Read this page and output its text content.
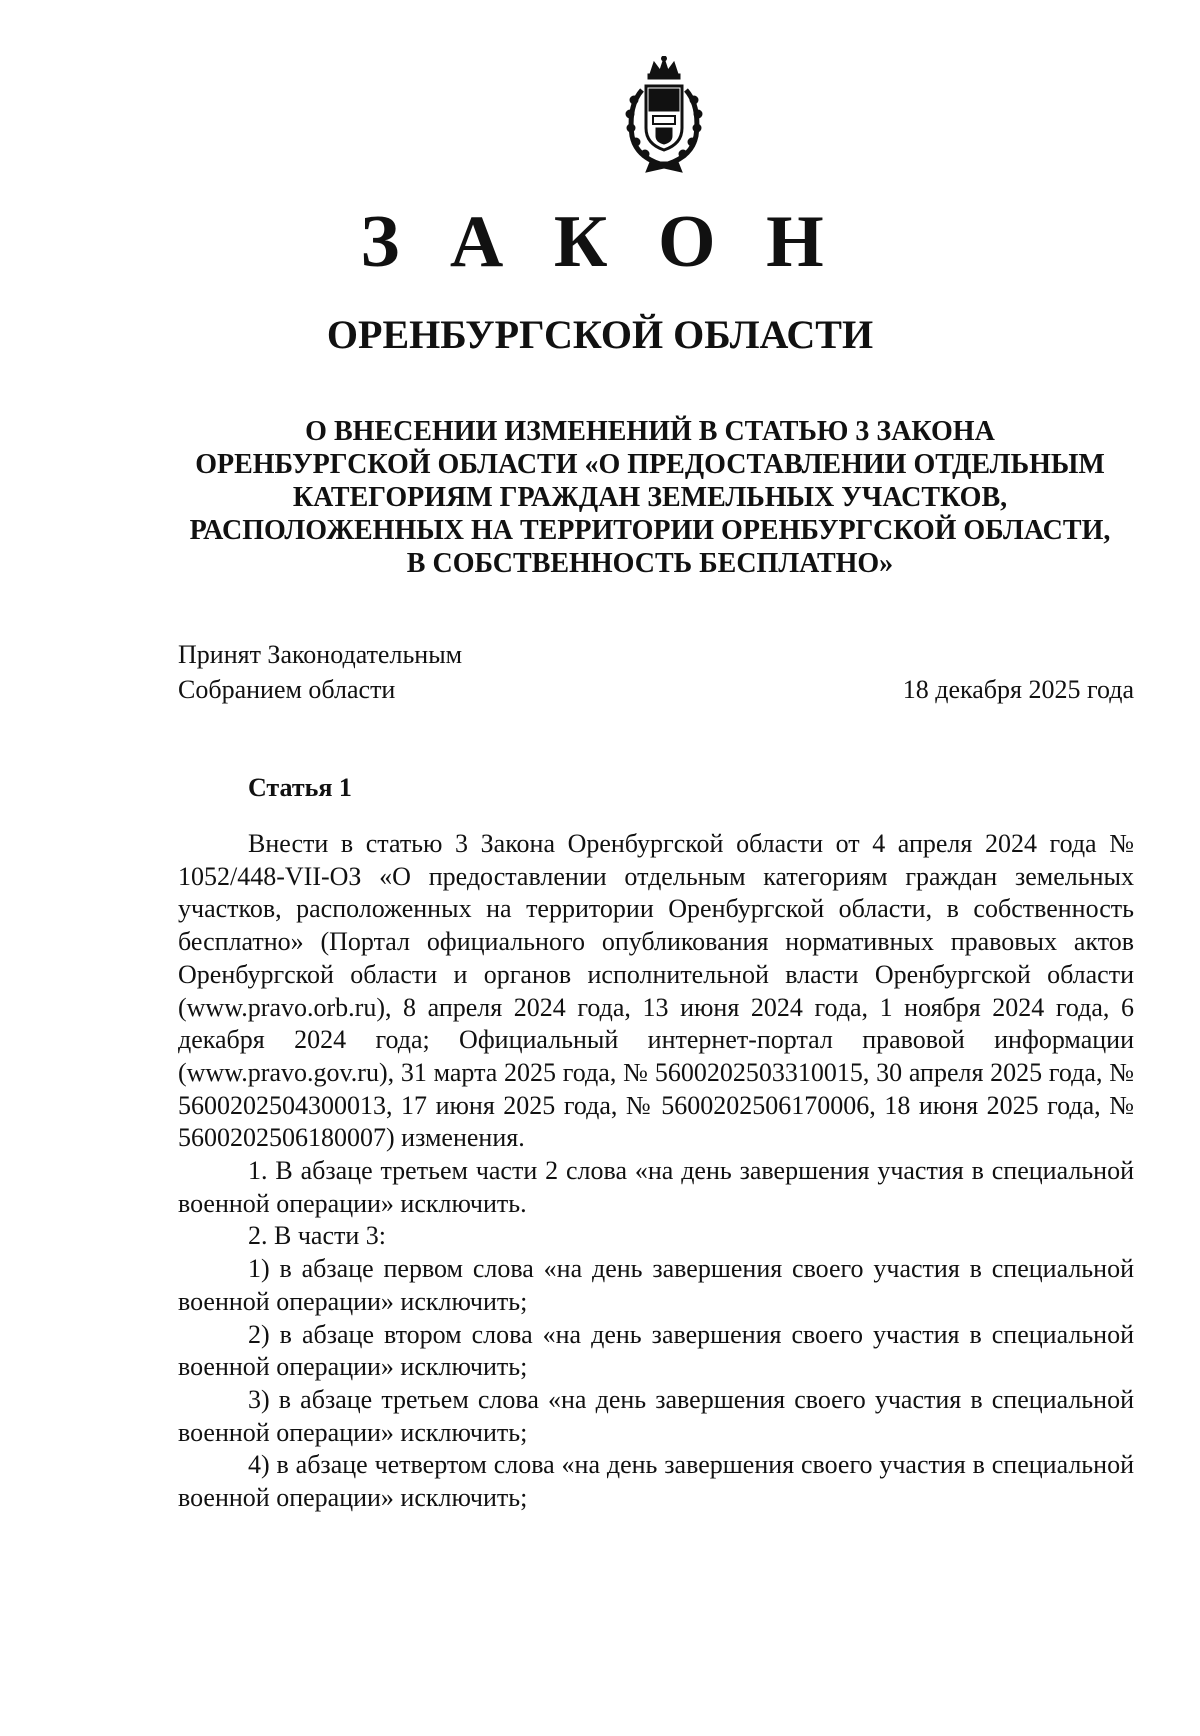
З А К О Н
ОРЕНБУРГСКОЙ ОБЛАСТИ
О ВНЕСЕНИИ ИЗМЕНЕНИЙ В СТАТЬЮ 3 ЗАКОНА
ОРЕНБУРГСКОЙ ОБЛАСТИ «О ПРЕДОСТАВЛЕНИИ ОТДЕЛЬНЫМ
КАТЕГОРИЯМ ГРАЖДАН ЗЕМЕЛЬНЫХ УЧАСТКОВ,
РАСПОЛОЖЕННЫХ НА ТЕРРИТОРИИ ОРЕНБУРГСКОЙ ОБЛАСТИ,
В СОБСТВЕННОСТЬ БЕСПЛАТНО»
Принят Законодательным
Собранием области	18 декабря 2025 года
Статья 1

Внести в статью 3 Закона Оренбургской области от 4 апреля 2024 года № 1052/448-VII-ОЗ «О предоставлении отдельным категориям граждан земельных участков, расположенных на территории Оренбургской области, в собственность бесплатно» (Портал официального опубликования нормативных правовых актов Оренбургской области и органов исполнительной власти Оренбургской области (www.pravo.orb.ru), 8 апреля 2024 года, 13 июня 2024 года, 1 ноября 2024 года, 6 декабря 2024 года; Официальный интернет-портал правовой информации (www.pravo.gov.ru), 31 марта 2025 года, № 5600202503310015, 30 апреля 2025 года, № 5600202504300013, 17 июня 2025 года, № 5600202506170006, 18 июня 2025 года, № 5600202506180007) изменения.

1. В абзаце третьем части 2 слова «на день завершения участия в специальной военной операции» исключить.

2. В части 3:

1) в абзаце первом слова «на день завершения своего участия в специальной военной операции» исключить;

2) в абзаце втором слова «на день завершения своего участия в специальной военной операции» исключить;

3) в абзаце третьем слова «на день завершения своего участия в специальной военной операции» исключить;

4) в абзаце четвертом слова «на день завершения своего участия в специальной военной операции» исключить;
